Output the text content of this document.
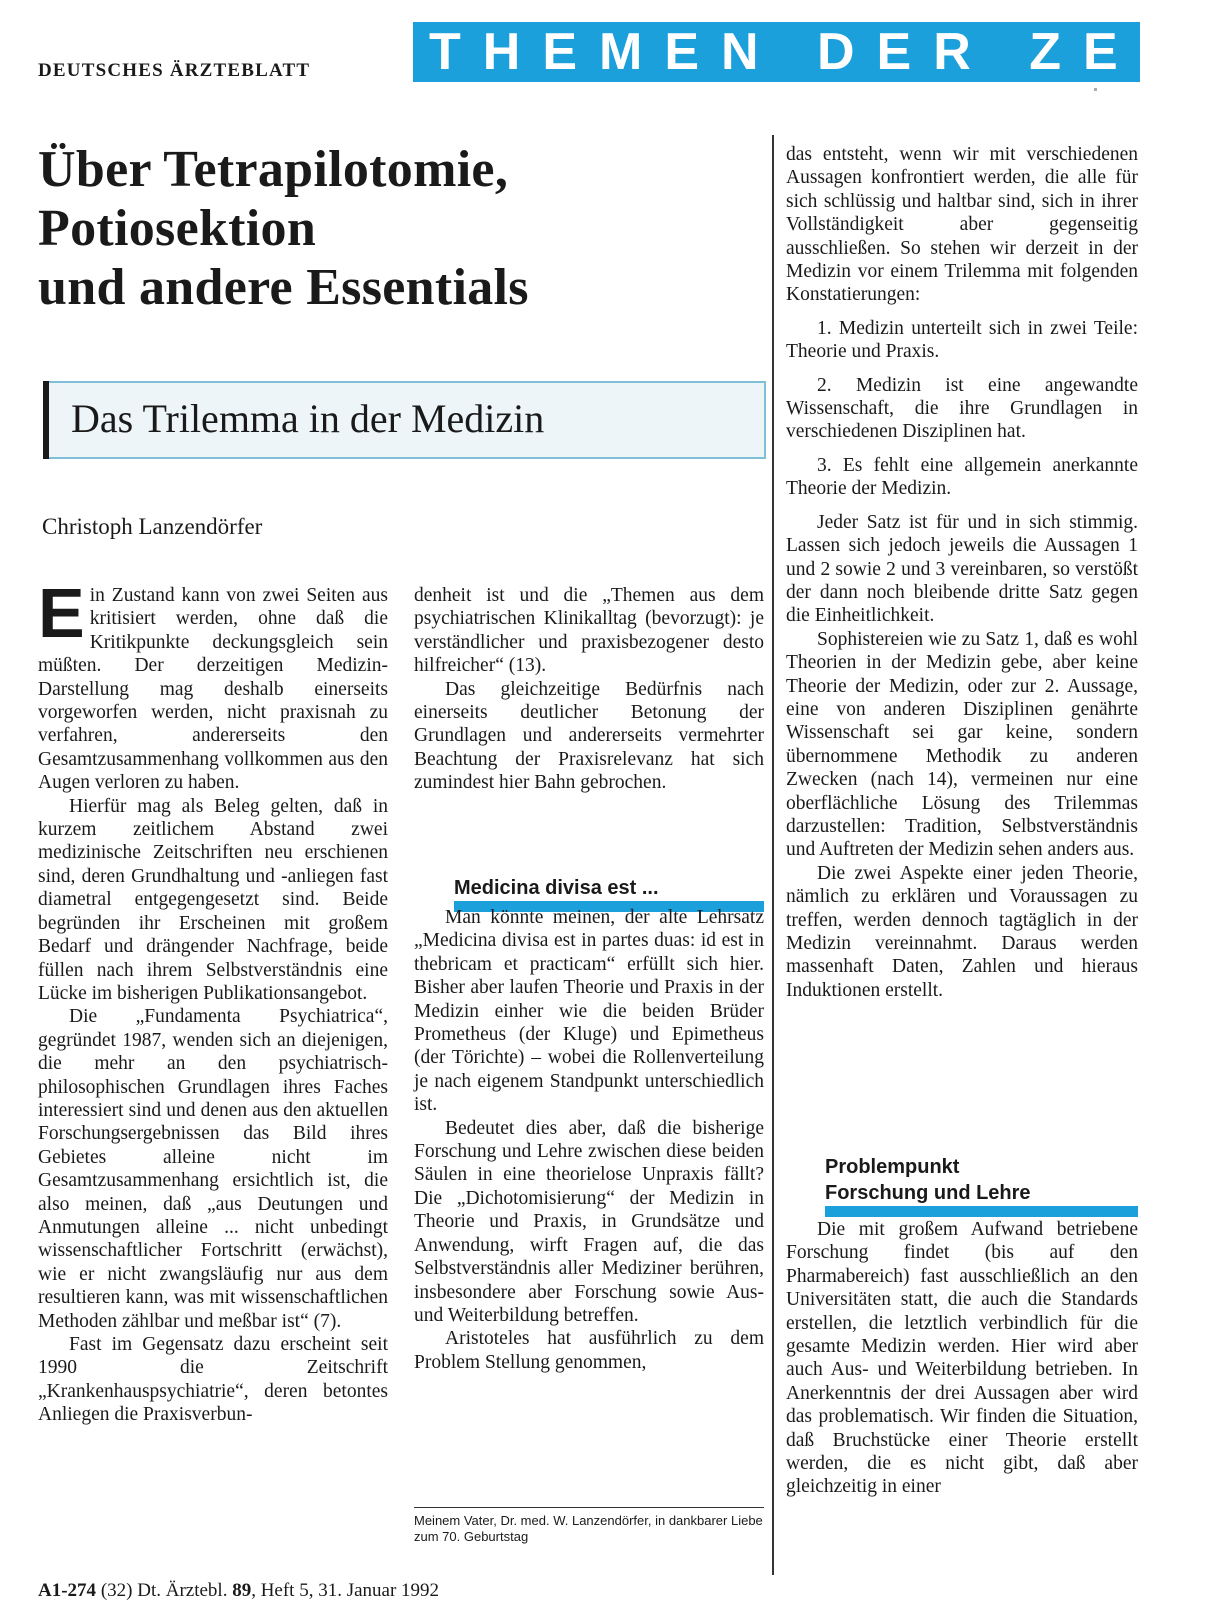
DEUTSCHES ÄRZTEBLATT	THEMEN DER ZEIT
Über Tetrapilotomie,
Potiosektion
und andere Essentials
Das Trilemma in der Medizin
Christoph Lanzendörfer

Ein Zustand kann von zwei Seiten aus kritisiert werden, ohne daß die Kritikpunkte deckungsgleich sein müßten. Der derzeitigen Medizin-Darstellung mag deshalb einerseits vorgeworfen werden, nicht praxisnah zu verfahren, andererseits den Gesamtzusammenhang vollkommen aus den Augen verloren zu haben.

Hierfür mag als Beleg gelten, daß in kurzem zeitlichem Abstand zwei medizinische Zeitschriften neu erschienen sind, deren Grundhaltung und -anliegen fast diametral entgegengesetzt sind. Beide begründen ihr Erscheinen mit großem Bedarf und drängender Nachfrage, beide füllen nach ihrem Selbstverständnis eine Lücke im bisherigen Publikationsangebot.

Die „Fundamenta Psychiatrica“, gegründet 1987, wenden sich an diejenigen, die mehr an den psychiatrisch-philosophischen Grundlagen ihres Faches interessiert sind und denen aus den aktuellen Forschungsergebnissen das Bild ihres Gebietes alleine nicht im Gesamtzusammenhang ersichtlich ist, die also meinen, daß „aus Deutungen und Anmutungen alleine ... nicht unbedingt wissenschaftlicher Fortschritt (erwächst), wie er nicht zwangsläufig nur aus dem resultieren kann, was mit wissenschaftlichen Methoden zählbar und meßbar ist“ (7).

Fast im Gegensatz dazu erscheint seit 1990 die Zeitschrift „Krankenhauspsychiatrie“, deren betontes Anliegen die Praxisverbun-

denheit ist und die „Themen aus dem psychiatrischen Klinikalltag (bevorzugt): je verständlicher und praxisbezogener desto hilfreicher“ (13).

Das gleichzeitige Bedürfnis nach einerseits deutlicher Betonung der Grundlagen und andererseits vermehrter Beachtung der Praxisrelevanz hat sich zumindest hier Bahn gebrochen.

Medicina divisa est ...

Man könnte meinen, der alte Lehrsatz „Medicina divisa est in partes duas: id est in thebricam et practicam“ erfüllt sich hier. Bisher aber laufen Theorie und Praxis in der Medizin einher wie die beiden Brüder Prometheus (der Kluge) und Epimetheus (der Törichte) – wobei die Rollenverteilung je nach eigenem Standpunkt unterschiedlich ist.

Bedeutet dies aber, daß die bisherige Forschung und Lehre zwischen diese beiden Säulen in eine theorielose Unpraxis fällt? Die „Dichotomisierung“ der Medizin in Theorie und Praxis, in Grundsätze und Anwendung, wirft Fragen auf, die das Selbstverständnis aller Mediziner berühren, insbesondere aber Forschung sowie Aus- und Weiterbildung betreffen.

Aristoteles hat ausführlich zu dem Problem Stellung genommen,

Meinem Vater, Dr. med. W. Lanzendörfer, in dankbarer Liebe zum 70. Geburtstag

das entsteht, wenn wir mit verschiedenen Aussagen konfrontiert werden, die alle für sich schlüssig und haltbar sind, sich in ihrer Vollständigkeit aber gegenseitig ausschließen. So stehen wir derzeit in der Medizin vor einem Trilemma mit folgenden Konstatierungen:

1. Medizin unterteilt sich in zwei Teile: Theorie und Praxis.

2. Medizin ist eine angewandte Wissenschaft, die ihre Grundlagen in verschiedenen Disziplinen hat.

3. Es fehlt eine allgemein anerkannte Theorie der Medizin.

Jeder Satz ist für und in sich stimmig. Lassen sich jedoch jeweils die Aussagen 1 und 2 sowie 2 und 3 vereinbaren, so verstößt der dann noch bleibende dritte Satz gegen die Einheitlichkeit.

Sophistereien wie zu Satz 1, daß es wohl Theorien in der Medizin gebe, aber keine Theorie der Medizin, oder zur 2. Aussage, eine von anderen Disziplinen genährte Wissenschaft sei gar keine, sondern übernommene Methodik zu anderen Zwecken (nach 14), vermeinen nur eine oberflächliche Lösung des Trilemmas darzustellen: Tradition, Selbstverständnis und Auftreten der Medizin sehen anders aus.

Die zwei Aspekte einer jeden Theorie, nämlich zu erklären und Voraussagen zu treffen, werden dennoch tagtäglich in der Medizin vereinnahmt. Daraus werden massenhaft Daten, Zahlen und hieraus Induktionen erstellt.

Problempunkt
Forschung und Lehre

Die mit großem Aufwand betriebene Forschung findet (bis auf den Pharmabereich) fast ausschließlich an den Universitäten statt, die auch die Standards erstellen, die letztlich verbindlich für die gesamte Medizin werden. Hier wird aber auch Aus- und Weiterbildung betrieben. In Anerkenntnis der drei Aussagen aber wird das problematisch. Wir finden die Situation, daß Bruchstücke einer Theorie erstellt werden, die es nicht gibt, daß aber gleichzeitig in einer

A1-274 (32) Dt. Ärztebl. 89, Heft 5, 31. Januar 1992
